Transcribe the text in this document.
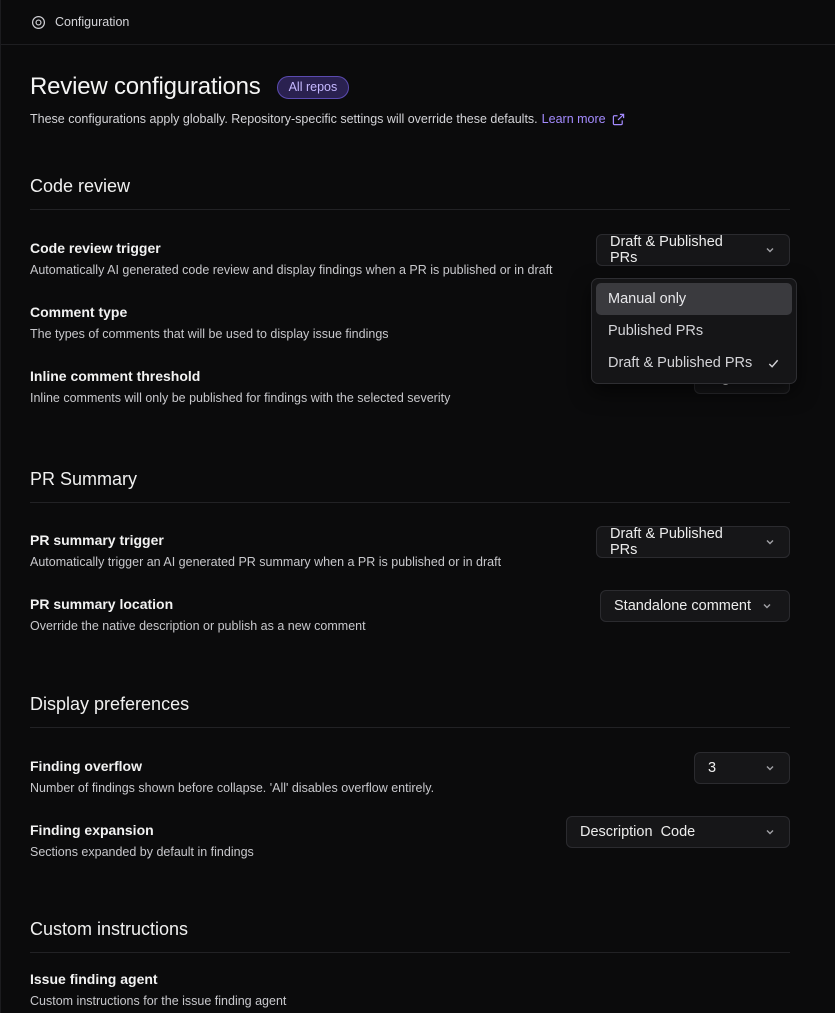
Configuration
Review configurations	All repos
These configurations apply globally. Repository-specific settings will override these defaults. Learn more
Code review
Code review trigger
Automatically AI generated code review and display findings when a PR is published or in draft
Draft & Published PRs
Comment type
The types of comments that will be used to display issue findings
Inline comment threshold
Inline comments will only be published for findings with the selected severity
PR Summary
PR summary trigger
Automatically trigger an AI generated PR summary when a PR is published or in draft
Draft & Published PRs
PR summary location
Override the native description or publish as a new comment
Standalone comment
Display preferences
Finding overflow
Number of findings shown before collapse. 'All' disables overflow entirely.
3
Finding expansion
Sections expanded by default in findings
Description  Code
Custom instructions
Issue finding agent
Custom instructions for the issue finding agent
Manual only
Published PRs
Draft & Published PRs
